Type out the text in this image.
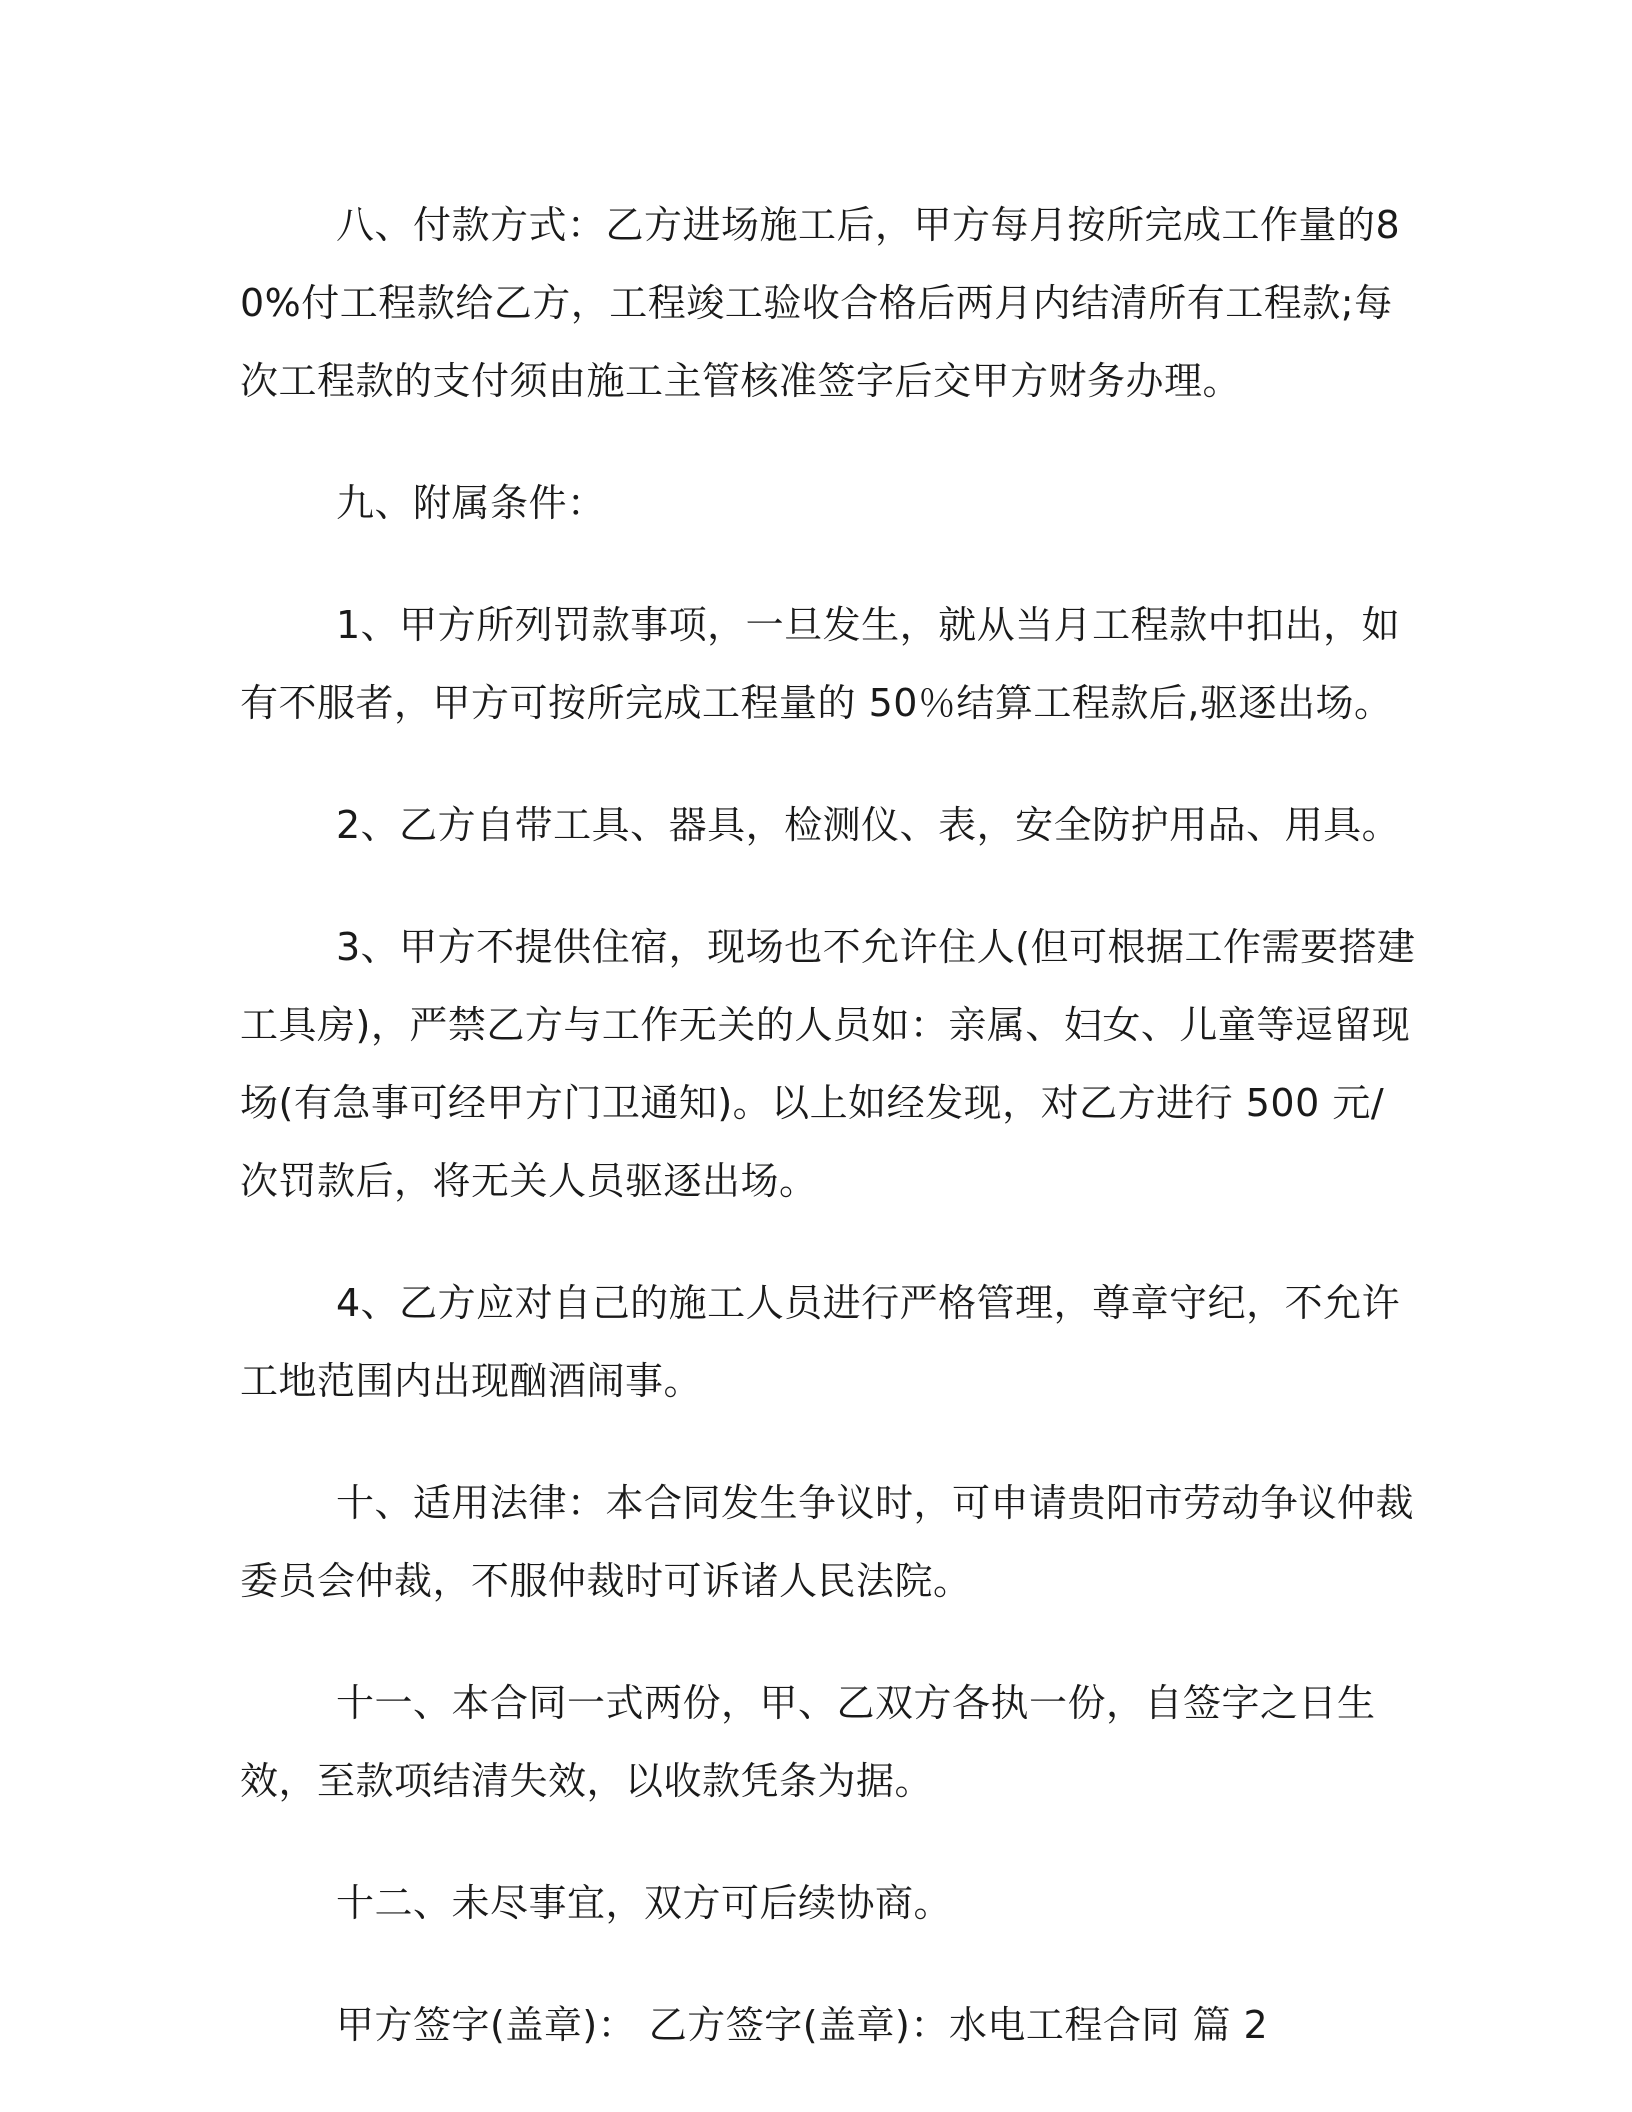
八、付款方式：乙方进场施工后，甲方每月按所完成工作量的80%付工程款给乙方，工程竣工验收合格后两月内结清所有工程款;每次工程款的支付须由施工主管核准签字后交甲方财务办理。

九、附属条件：

1、甲方所列罚款事项，一旦发生，就从当月工程款中扣出，如有不服者，甲方可按所完成工程量的 50％结算工程款后,驱逐出场。

2、乙方自带工具、器具，检测仪、表，安全防护用品、用具。

3、甲方不提供住宿，现场也不允许住人(但可根据工作需要搭建工具房)，严禁乙方与工作无关的人员如：亲属、妇女、儿童等逗留现场(有急事可经甲方门卫通知)。以上如经发现，对乙方进行 500 元/次罚款后，将无关人员驱逐出场。

4、乙方应对自己的施工人员进行严格管理，尊章守纪，不允许工地范围内出现酗酒闹事。

十、适用法律：本合同发生争议时，可申请贵阳市劳动争议仲裁委员会仲裁，不服仲裁时可诉诸人民法院。

十一、本合同一式两份，甲、乙双方各执一份，自签字之日生效，至款项结清失效，以收款凭条为据。

十二、未尽事宜，双方可后续协商。

甲方签字(盖章)： 乙方签字(盖章)：水电工程合同 篇 2
